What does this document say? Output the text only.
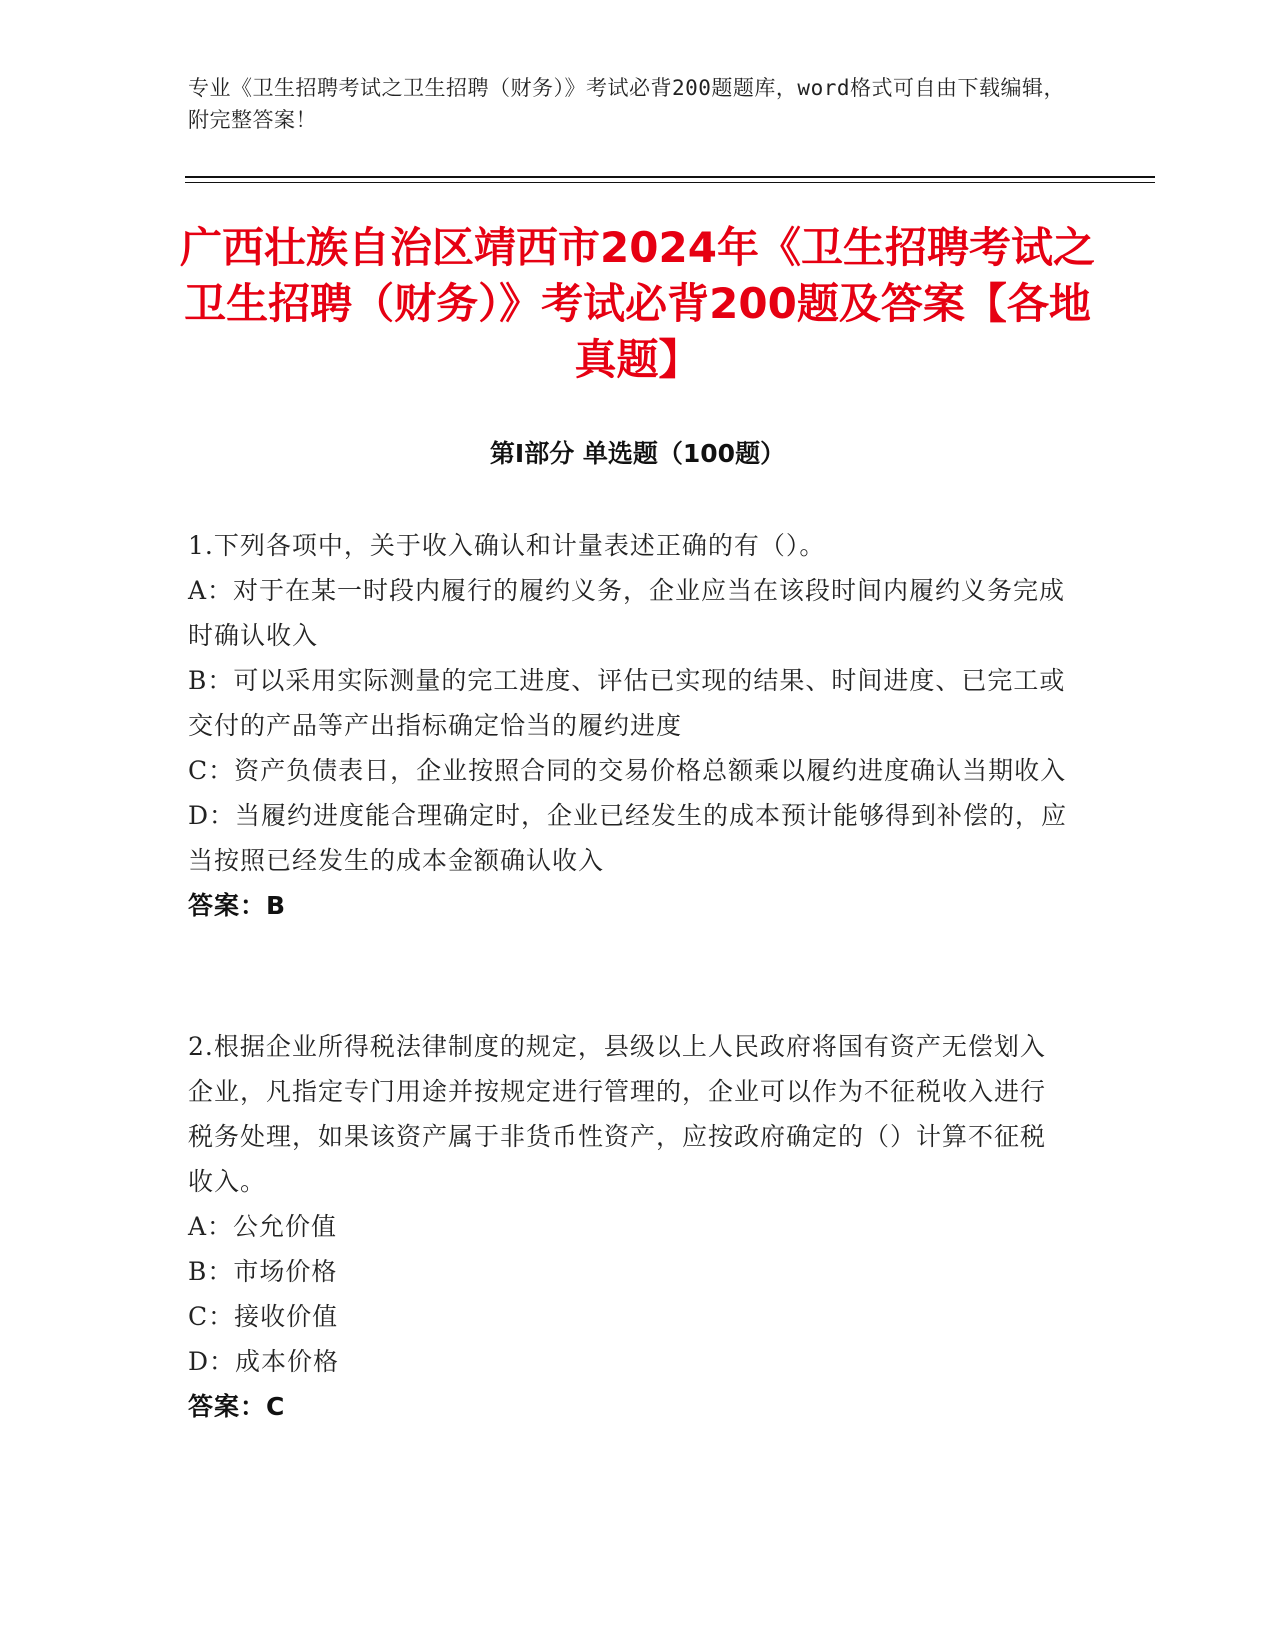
专业《卫生招聘考试之卫生招聘（财务）》考试必背200题题库，word格式可自由下载编辑，附完整答案！
广西壮族自治区靖西市2024年《卫生招聘考试之卫生招聘（财务）》考试必背200题及答案【各地真题】
第I部分 单选题（100题）

1.下列各项中，关于收入确认和计量表述正确的有（）。

A：对于在某一时段内履行的履约义务，企业应当在该段时间内履约义务完成时确认收入

B：可以采用实际测量的完工进度、评估已实现的结果、时间进度、已完工或交付的产品等产出指标确定恰当的履约进度

C：资产负债表日，企业按照合同的交易价格总额乘以履约进度确认当期收入

D：当履约进度能合理确定时，企业已经发生的成本预计能够得到补偿的，应当按照已经发生的成本金额确认收入

答案：B

2.根据企业所得税法律制度的规定，县级以上人民政府将国有资产无偿划入企业，凡指定专门用途并按规定进行管理的，企业可以作为不征税收入进行税务处理，如果该资产属于非货币性资产，应按政府确定的（）计算不征税收入。

A：公允价值

B：市场价格

C：接收价值

D：成本价格

答案：C
